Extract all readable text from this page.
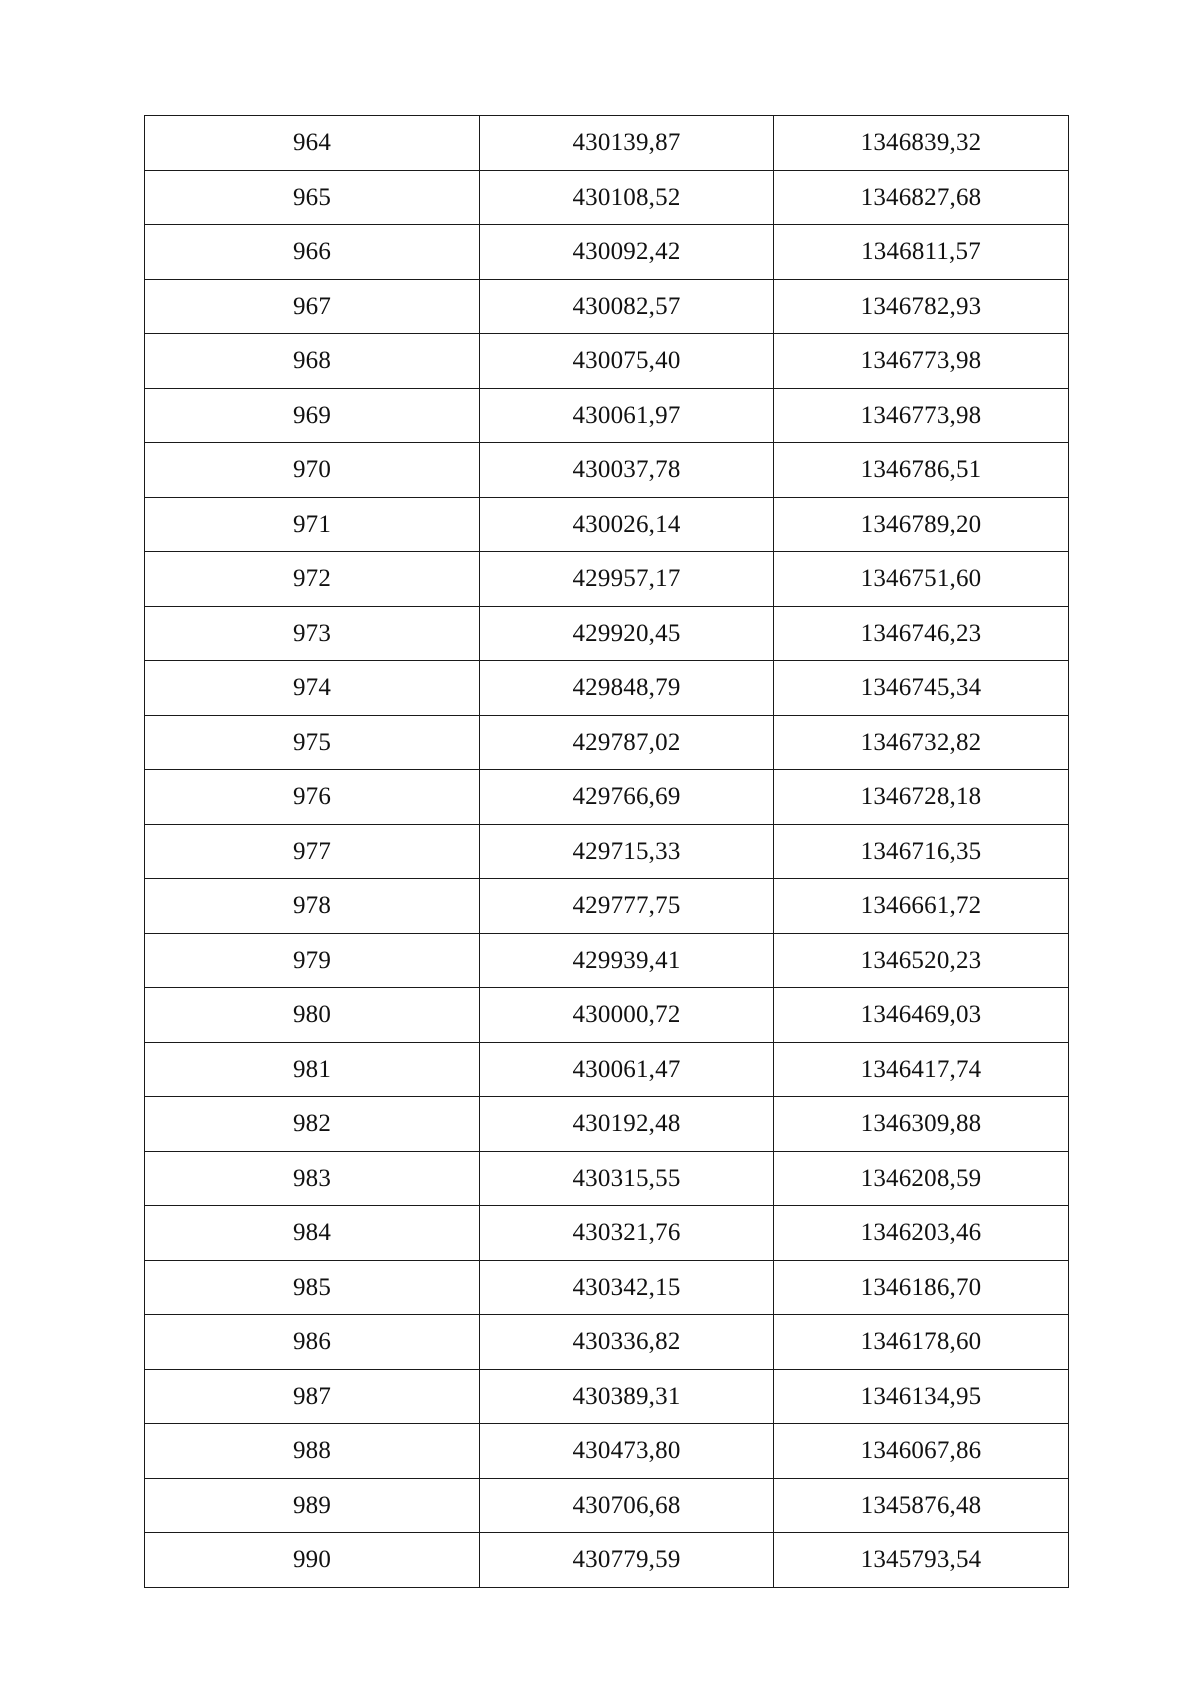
964	430139,87	1346839,32
965	430108,52	1346827,68
966	430092,42	1346811,57
967	430082,57	1346782,93
968	430075,40	1346773,98
969	430061,97	1346773,98
970	430037,78	1346786,51
971	430026,14	1346789,20
972	429957,17	1346751,60
973	429920,45	1346746,23
974	429848,79	1346745,34
975	429787,02	1346732,82
976	429766,69	1346728,18
977	429715,33	1346716,35
978	429777,75	1346661,72
979	429939,41	1346520,23
980	430000,72	1346469,03
981	430061,47	1346417,74
982	430192,48	1346309,88
983	430315,55	1346208,59
984	430321,76	1346203,46
985	430342,15	1346186,70
986	430336,82	1346178,60
987	430389,31	1346134,95
988	430473,80	1346067,86
989	430706,68	1345876,48
990	430779,59	1345793,54
